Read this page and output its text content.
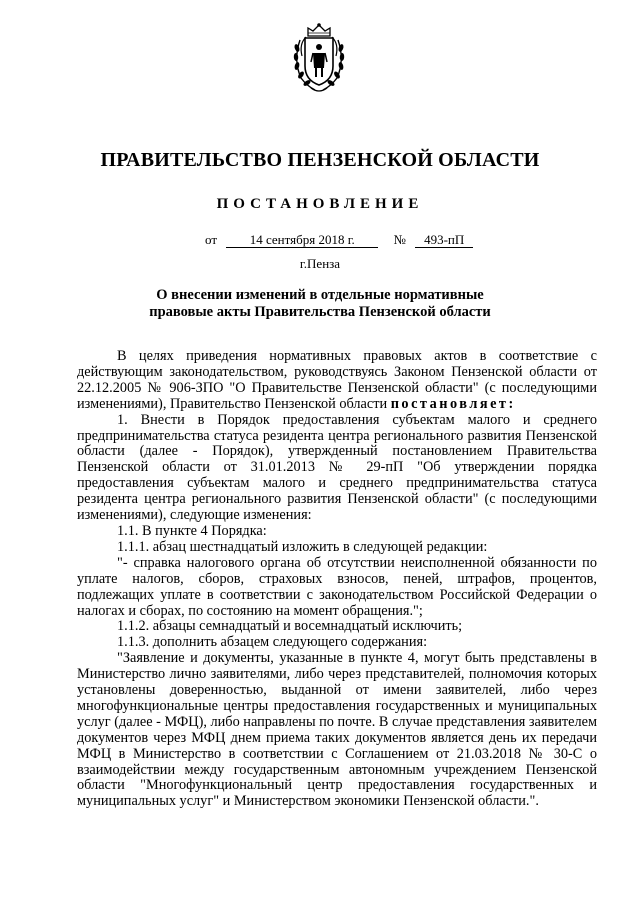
ПРАВИТЕЛЬСТВО ПЕНЗЕНСКОЙ ОБЛАСТИ
ПОСТАНОВЛЕНИЕ
от	14 сентября 2018 г.	№ 493-пП
г.Пенза
О внесении изменений в отдельные нормативные
правовые акты Правительства Пензенской области

В целях приведения нормативных правовых актов в соответствие с действующим законодательством, руководствуясь Законом Пензенской области от 22.12.2005 № 906-ЗПО "О Правительстве Пензенской области" (с последующими изменениями), Правительство Пензенской области постановляет:

1. Внести в Порядок предоставления субъектам малого и среднего предпринимательства статуса резидента центра регионального развития Пензенской области (далее - Порядок), утвержденный постановлением Правительства Пензенской области от 31.01.2013 № 29-пП "Об утверждении порядка предоставления субъектам малого и среднего предпринимательства статуса резидента центра регионального развития Пензенской области" (с последующими изменениями), следующие изменения:

1.1. В пункте 4 Порядка:

1.1.1. абзац шестнадцатый изложить в следующей редакции:

"- справка налогового органа об отсутствии неисполненной обязанности по уплате налогов, сборов, страховых взносов, пеней, штрафов, процентов, подлежащих уплате в соответствии с законодательством Российской Федерации о налогах и сборах, по состоянию на момент обращения.";

1.1.2. абзацы семнадцатый и восемнадцатый исключить;

1.1.3. дополнить абзацем следующего содержания:

"Заявление и документы, указанные в пункте 4, могут быть представлены в Министерство лично заявителями, либо через представителей, полномочия которых установлены доверенностью, выданной от имени заявителей, либо через многофункциональные центры предоставления государственных и муниципальных услуг (далее - МФЦ), либо направлены по почте. В случае представления заявителем документов через МФЦ днем приема таких документов является день их передачи МФЦ в Министерство в соответствии с Соглашением от 21.03.2018 № 30-С о взаимодействии между государственным автономным учреждением Пензенской области "Многофункциональный центр предоставления государственных и муниципальных услуг" и Министерством экономики Пензенской области.".
